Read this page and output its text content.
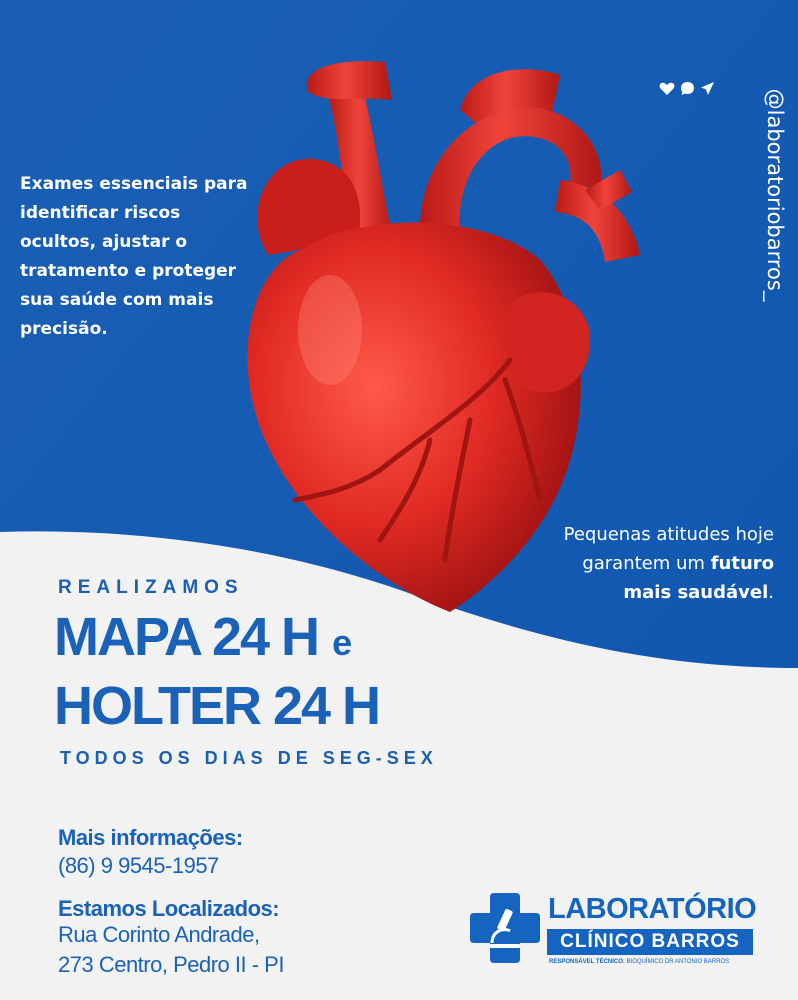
Exames essenciais para identificar riscos ocultos, ajustar o tratamento e proteger sua saúde com mais precisão.
@laboratoriobarros_
Pequenas atitudes hoje garantem um futuro mais saudável.
REALIZAMOS
MAPA 24 H e
HOLTER 24 H
TODOS OS DIAS DE SEG-SEX
Mais informações:
(86) 9 9545-1957
Estamos Localizados:
Rua Corinto Andrade,
273 Centro, Pedro II - PI
LABORATÓRIO
CLÍNICO BARROS
RESPONSÁVEL TÉCNICO: BIOQUÍMICO DR ANTONIO BARROS
